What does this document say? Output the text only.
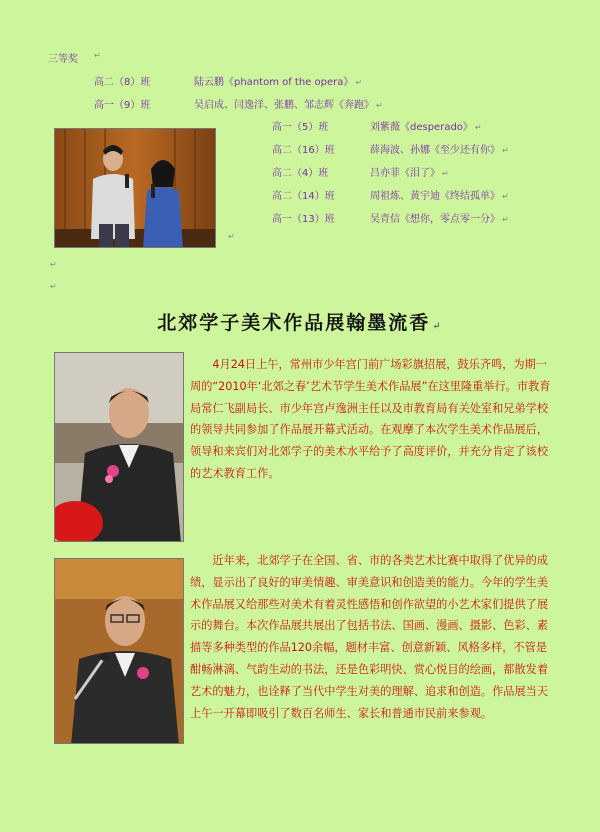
三等奖 ↵
高二（8）班	陆云鹏《phantom of the opera》 ↵
高一（9）班	吴启成、闫逸洋、张鹏、邹志辉《奔跑》 ↵
↵
高一（5）班	刘紫薇《desperado》 ↵
高二（16）班	薛海波、孙娜《至少还有你》 ↵
高二（4）班	吕亦菲《泪了》 ↵
高二（14）班	周祖炼、黄宇迪《终结孤单》 ↵
高一（13）班	吴青信《想你，零点零一分》 ↵
↵
↵
北郊学子美术作品展翰墨流香 ↵

4月24日上午，常州市少年宫门前广场彩旗招展，鼓乐齐鸣，为期一周的“2010年‘北郊之春’艺术节学生美术作品展”在这里隆重举行。市教育局常仁飞副局长、市少年宫卢逸洲主任以及市教育局有关处室和兄弟学校的领导共同参加了作品展开幕式活动。在观摩了本次学生美术作品展后，领导和来宾们对北郊学子的美术水平给予了高度评价，并充分肯定了该校的艺术教育工作。

近年来，北郊学子在全国、省、市的各类艺术比赛中取得了优异的成绩，显示出了良好的审美情趣、审美意识和创造美的能力。今年的学生美术作品展又给那些对美术有着灵性感悟和创作欲望的小艺术家们提供了展示的舞台。本次作品展共展出了包括书法、国画、漫画、摄影、色彩、素描等多种类型的作品120余幅，题材丰富、创意新颖、风格多样，不管是酣畅淋漓、气韵生动的书法，还是色彩明快、赏心悦目的绘画，都散发着艺术的魅力，也诠释了当代中学生对美的理解、追求和创造。作品展当天上午一开幕即吸引了数百名师生、家长和普通市民前来参观。
